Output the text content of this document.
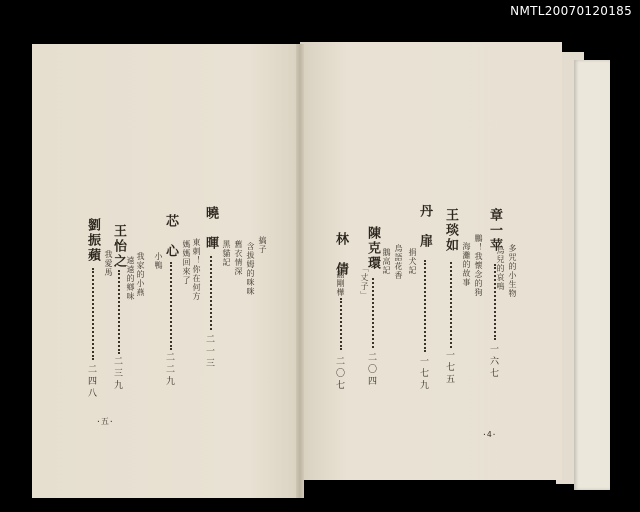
NMTL20070120185
劉振蘋
我愛馬
二四八
王怡之
我家的小燕
遠遠的鄉味
二三九
芯　心
小鴨
二二九
曉　暉
東刺！你在何方
媽媽回來了
二一三
搞子
含拔姆的咪咪
舊衣情深
黑貓記
·五·
林　倩
翻剛樺
二〇七
陳克環
「丈子」
烏語花香
鵝高記
二〇四
丹　扉
捐犬記
一七九
王琰如
海灘的故事 鵬！我懷念的狗
一七五
章一苹
多咒的小生物
烏兒的哀鳴
一六七
·4·
